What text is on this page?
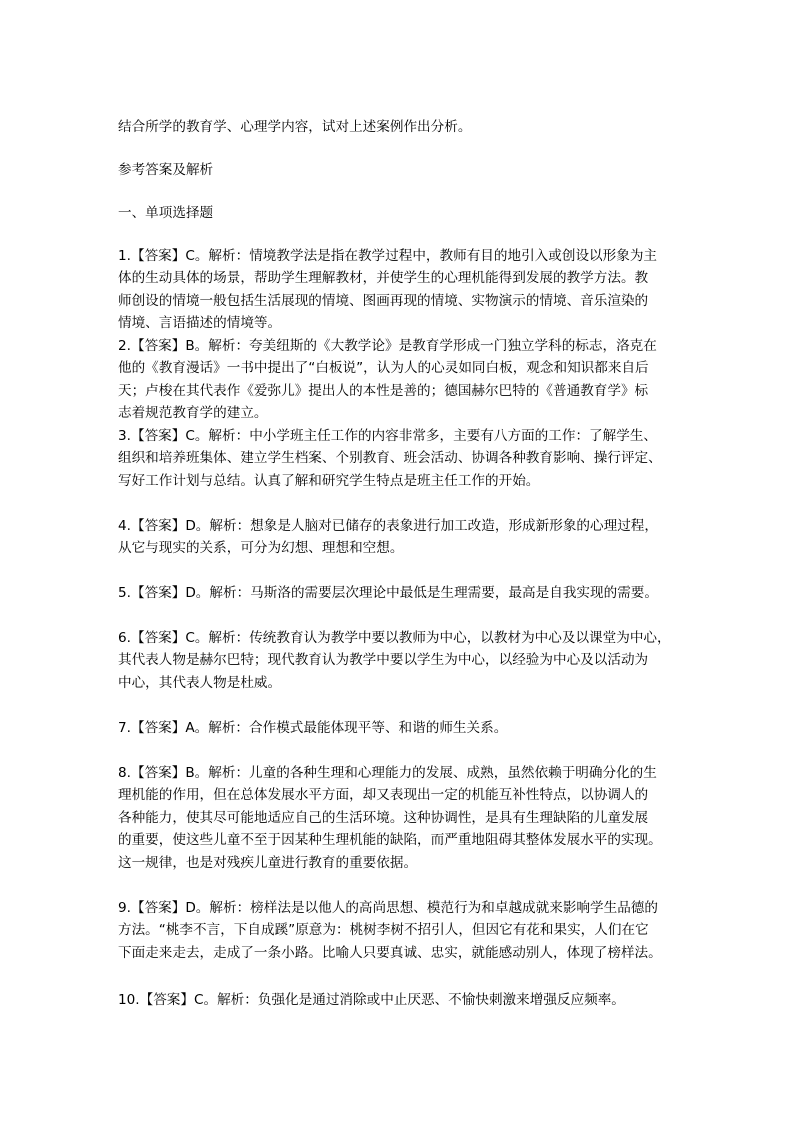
结合所学的教育学、心理学内容，试对上述案例作出分析。
参考答案及解析
一、单项选择题
1.【答案】C。解析：情境教学法是指在教学过程中，教师有目的地引入或创设以形象为主
体的生动具体的场景，帮助学生理解教材，并使学生的心理机能得到发展的教学方法。教
师创设的情境一般包括生活展现的情境、图画再现的情境、实物演示的情境、音乐渲染的
情境、言语描述的情境等。
2.【答案】B。解析：夸美纽斯的《大教学论》是教育学形成一门独立学科的标志，洛克在
他的《教育漫话》一书中提出了“白板说”，认为人的心灵如同白板，观念和知识都来自后
天；卢梭在其代表作《爱弥儿》提出人的本性是善的；德国赫尔巴特的《普通教育学》标
志着规范教育学的建立。
3.【答案】C。解析：中小学班主任工作的内容非常多，主要有八方面的工作：了解学生、
组织和培养班集体、建立学生档案、个别教育、班会活动、协调各种教育影响、操行评定、
写好工作计划与总结。认真了解和研究学生特点是班主任工作的开始。
4.【答案】D。解析：想象是人脑对已储存的表象进行加工改造，形成新形象的心理过程，
从它与现实的关系，可分为幻想、理想和空想。
5.【答案】D。解析：马斯洛的需要层次理论中最低是生理需要，最高是自我实现的需要。
6.【答案】C。解析：传统教育认为教学中要以教师为中心，以教材为中心及以课堂为中心，
其代表人物是赫尔巴特；现代教育认为教学中要以学生为中心，以经验为中心及以活动为
中心，其代表人物是杜威。
7.【答案】A。解析：合作模式最能体现平等、和谐的师生关系。
8.【答案】B。解析：儿童的各种生理和心理能力的发展、成熟，虽然依赖于明确分化的生
理机能的作用，但在总体发展水平方面，却又表现出一定的机能互补性特点，以协调人的
各种能力，使其尽可能地适应自己的生活环境。这种协调性，是具有生理缺陷的儿童发展
的重要，使这些儿童不至于因某种生理机能的缺陷，而严重地阻碍其整体发展水平的实现。
这一规律，也是对残疾儿童进行教育的重要依据。
9.【答案】D。解析：榜样法是以他人的高尚思想、模范行为和卓越成就来影响学生品德的
方法。“桃李不言，下自成蹊”原意为：桃树李树不招引人，但因它有花和果实，人们在它
下面走来走去，走成了一条小路。比喻人只要真诚、忠实，就能感动别人，体现了榜样法。
10.【答案】C。解析：负强化是通过消除或中止厌恶、不愉快刺激来增强反应频率。
